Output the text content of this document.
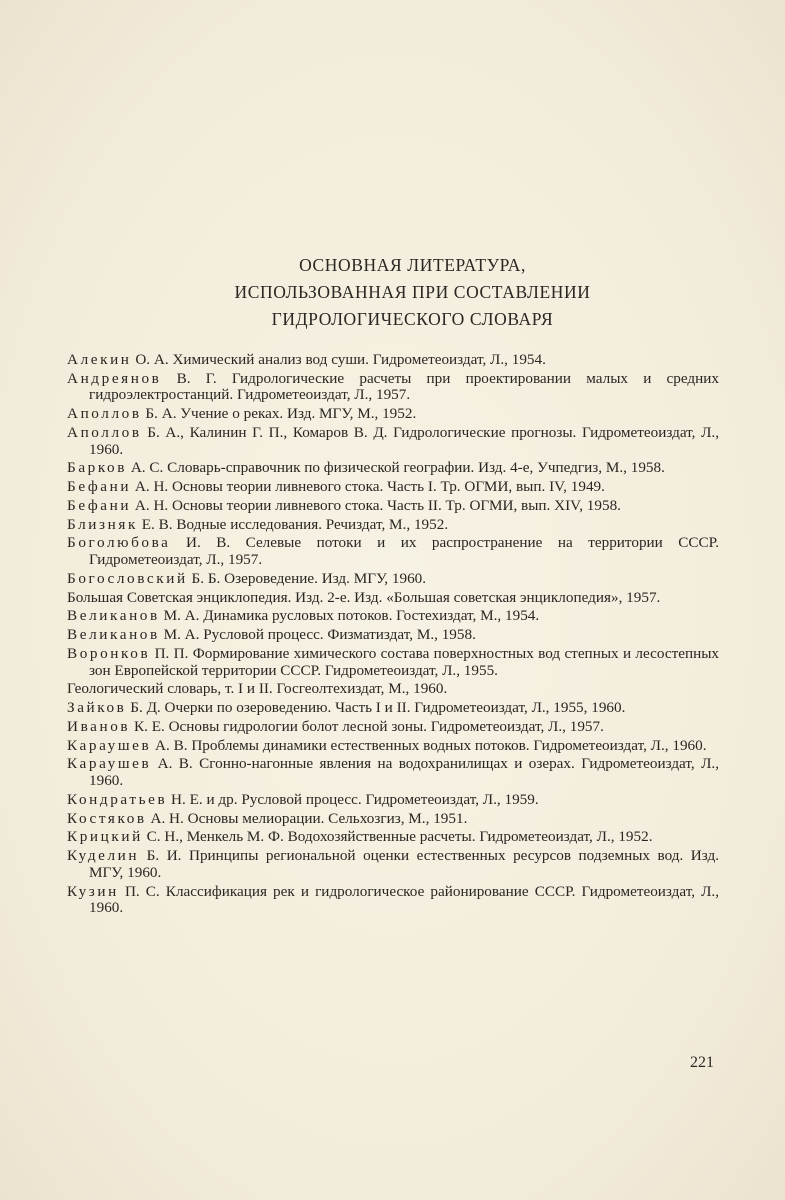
ОСНОВНАЯ ЛИТЕРАТУРА,
ИСПОЛЬЗОВАННАЯ ПРИ СОСТАВЛЕНИИ
ГИДРОЛОГИЧЕСКОГО СЛОВАРЯ

Алекин О. А. Химический анализ вод суши. Гидрометеоиздат, Л., 1954.

Андреянов В. Г. Гидрологические расчеты при проектировании малых и средних гидроэлектростанций. Гидрометеоиздат, Л., 1957.

Аполлов Б. А. Учение о реках. Изд. МГУ, М., 1952.

Аполлов Б. А., Калинин Г. П., Комаров В. Д. Гидрологические прогнозы. Гидрометеоиздат, Л., 1960.

Барков А. С. Словарь-справочник по физической географии. Изд. 4-е, Учпедгиз, М., 1958.

Бефани А. Н. Основы теории ливневого стока. Часть I. Тр. ОГМИ, вып. IV, 1949.

Бефани А. Н. Основы теории ливневого стока. Часть II. Тр. ОГМИ, вып. XIV, 1958.

Близняк Е. В. Водные исследования. Речиздат, М., 1952.

Боголюбова И. В. Селевые потоки и их распространение на территории СССР. Гидрометеоиздат, Л., 1957.

Богословский Б. Б. Озероведение. Изд. МГУ, 1960.

Большая Советская энциклопедия. Изд. 2-е. Изд. «Большая советская энциклопедия», 1957.

Великанов М. А. Динамика русловых потоков. Гостехиздат, М., 1954.

Великанов М. А. Русловой процесс. Физматиздат, М., 1958.

Воронков П. П. Формирование химического состава поверхностных вод степных и лесостепных зон Европейской территории СССР. Гидрометеоиздат, Л., 1955.

Геологический словарь, т. I и II. Госгеолтехиздат, М., 1960.

Зайков Б. Д. Очерки по озероведению. Часть I и II. Гидрометеоиздат, Л., 1955, 1960.

Иванов К. Е. Основы гидрологии болот лесной зоны. Гидрометеоиздат, Л., 1957.

Караушев А. В. Проблемы динамики естественных водных потоков. Гидрометеоиздат, Л., 1960.

Караушев А. В. Сгонно-нагонные явления на водохранилищах и озерах. Гидрометеоиздат, Л., 1960.

Кондратьев Н. Е. и др. Русловой процесс. Гидрометеоиздат, Л., 1959.

Костяков А. Н. Основы мелиорации. Сельхозгиз, М., 1951.

Крицкий С. Н., Менкель М. Ф. Водохозяйственные расчеты. Гидрометеоиздат, Л., 1952.

Куделин Б. И. Принципы региональной оценки естественных ресурсов подземных вод. Изд. МГУ, 1960.

Кузин П. С. Классификация рек и гидрологическое районирование СССР. Гидрометеоиздат, Л., 1960.

221
